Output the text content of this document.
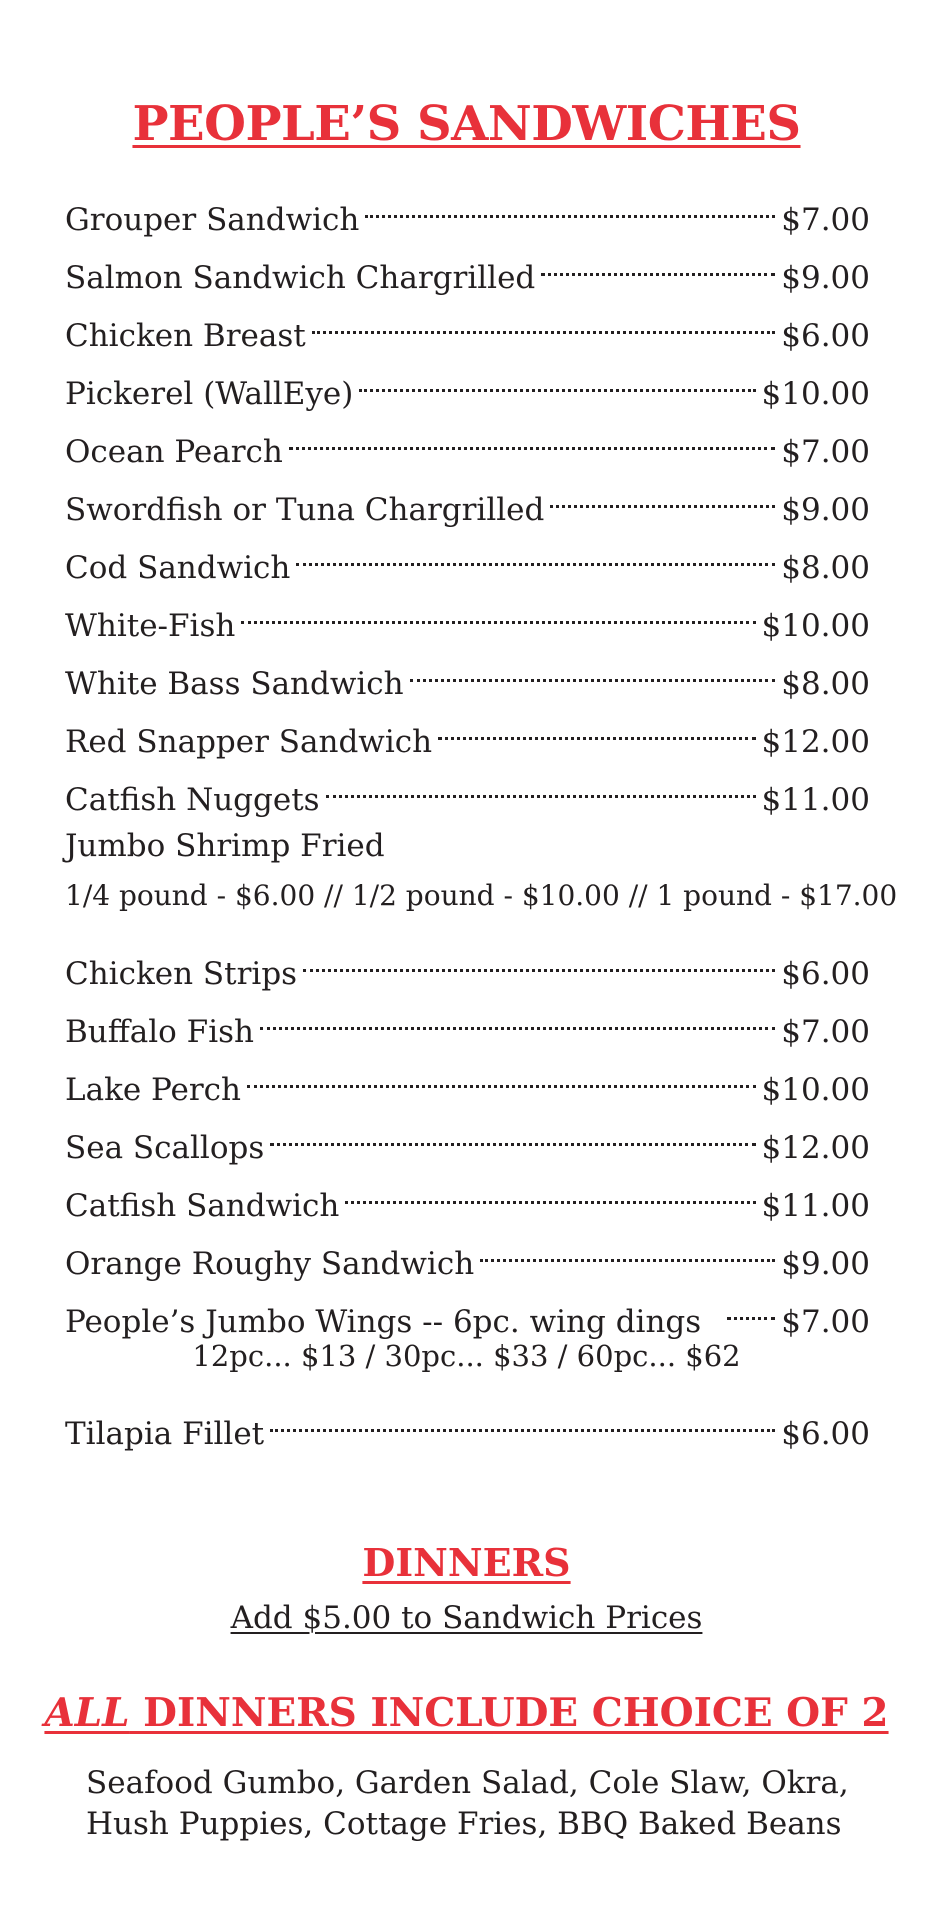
PEOPLE’S SANDWICHES
Grouper Sandwich	$7.00
Salmon Sandwich Chargrilled	$9.00
Chicken Breast	$6.00
Pickerel (WallEye)	$10.00
Ocean Pearch	$7.00
Swordfish or Tuna Chargrilled	$9.00
Cod Sandwich	$8.00
White-Fish	$10.00
White Bass Sandwich	$8.00
Red Snapper Sandwich	$12.00
Catfish Nuggets	$11.00
Jumbo Shrimp Fried
1/4 pound - $6.00 // 1/2 pound - $10.00 // 1 pound - $17.00
Chicken Strips	$6.00
Buffalo Fish	$7.00
Lake Perch	$10.00
Sea Scallops	$12.00
Catfish Sandwich	$11.00
Orange Roughy Sandwich	$9.00
People’s Jumbo Wings -- 6pc. wing dings	$7.00
12pc... $13 / 30pc... $33 / 60pc... $62
Tilapia Fillet	$6.00
DINNERS
Add $5.00 to Sandwich Prices
ALL DINNERS INCLUDE CHOICE OF 2
Seafood Gumbo, Garden Salad, Cole Slaw, Okra,
Hush Puppies, Cottage Fries, BBQ Baked Beans
